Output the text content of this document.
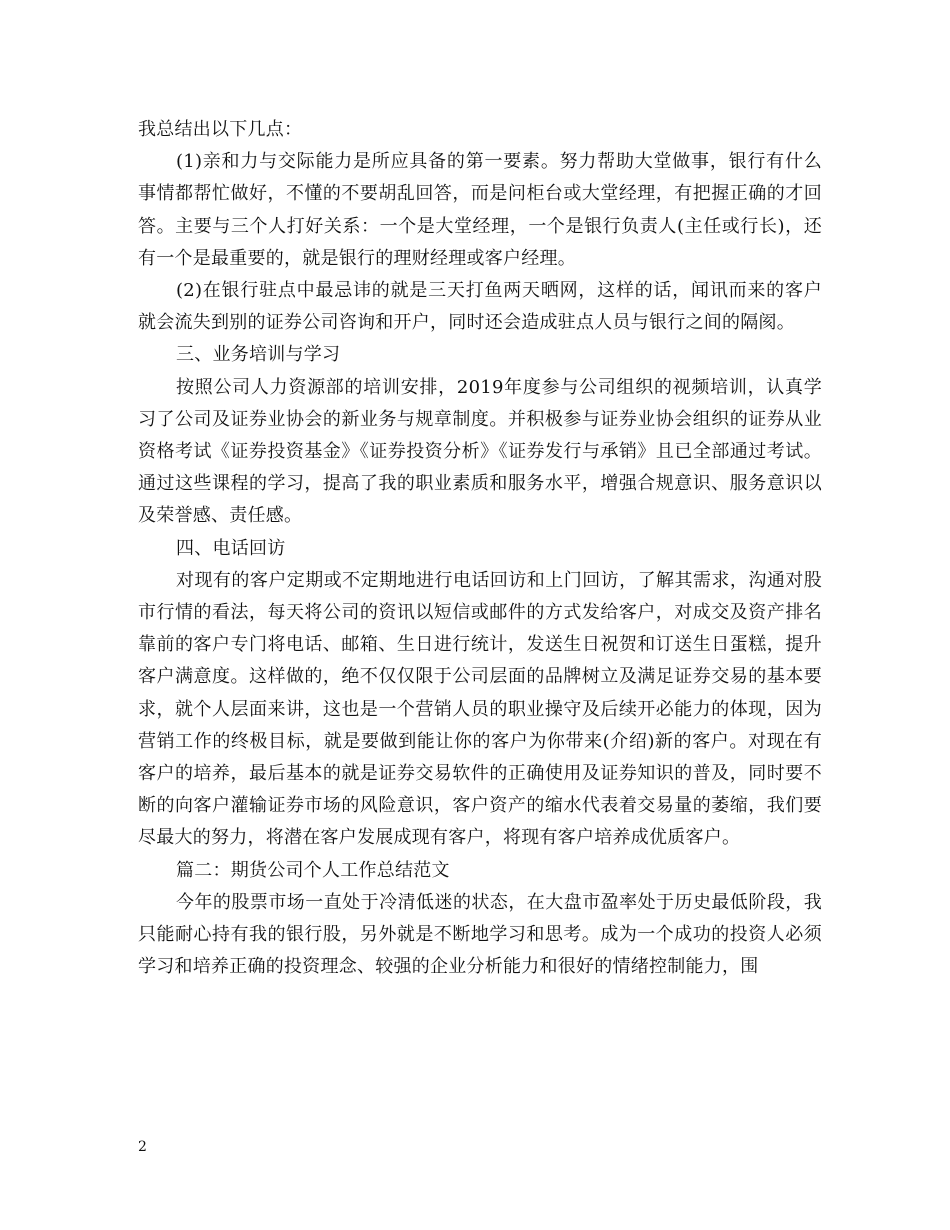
我总结出以下几点：

(1)亲和力与交际能力是所应具备的第一要素。努力帮助大堂做事，银行有什么事情都帮忙做好，不懂的不要胡乱回答，而是问柜台或大堂经理，有把握正确的才回答。主要与三个人打好关系：一个是大堂经理，一个是银行负责人(主任或行长)，还有一个是最重要的，就是银行的理财经理或客户经理。

(2)在银行驻点中最忌讳的就是三天打鱼两天晒网，这样的话，闻讯而来的客户就会流失到别的证券公司咨询和开户，同时还会造成驻点人员与银行之间的隔阂。

三、业务培训与学习

按照公司人力资源部的培训安排，2019年度参与公司组织的视频培训，认真学习了公司及证券业协会的新业务与规章制度。并积极参与证券业协会组织的证券从业资格考试《证券投资基金》《证券投资分析》《证券发行与承销》且已全部通过考试。通过这些课程的学习，提高了我的职业素质和服务水平，增强合规意识、服务意识以及荣誉感、责任感。

四、电话回访

对现有的客户定期或不定期地进行电话回访和上门回访，了解其需求，沟通对股市行情的看法，每天将公司的资讯以短信或邮件的方式发给客户，对成交及资产排名靠前的客户专门将电话、邮箱、生日进行统计，发送生日祝贺和订送生日蛋糕，提升客户满意度。这样做的，绝不仅仅限于公司层面的品牌树立及满足证券交易的基本要求，就个人层面来讲，这也是一个营销人员的职业操守及后续开必能力的体现，因为营销工作的终极目标，就是要做到能让你的客户为你带来(介绍)新的客户。对现在有客户的培养，最后基本的就是证券交易软件的正确使用及证券知识的普及，同时要不断的向客户灌输证券市场的风险意识，客户资产的缩水代表着交易量的萎缩，我们要尽最大的努力，将潜在客户发展成现有客户，将现有客户培养成优质客户。

篇二：期货公司个人工作总结范文

今年的股票市场一直处于冷清低迷的状态，在大盘市盈率处于历史最低阶段，我只能耐心持有我的银行股，另外就是不断地学习和思考。成为一个成功的投资人必须学习和培养正确的投资理念、较强的企业分析能力和很好的情绪控制能力，围

2
